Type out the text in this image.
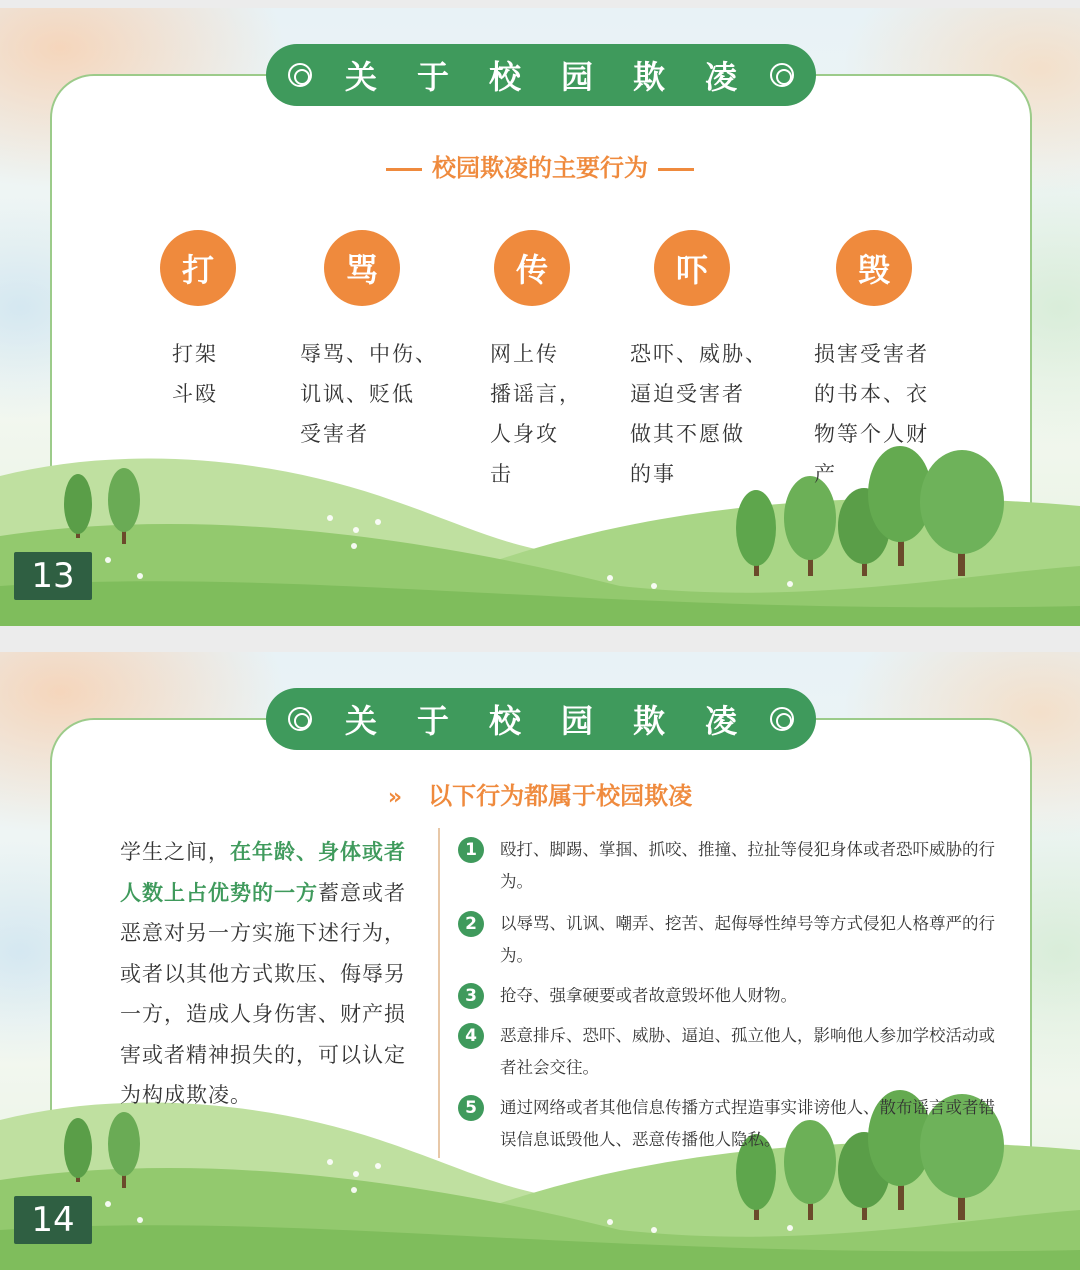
关于校园欺凌
校园欺凌的主要行为
打
打架
斗殴
骂
辱骂、中伤、
讥讽、贬低
受害者
传
网上传
播谣言，
人身攻
击
吓
恐吓、威胁、
逼迫受害者
做其不愿做
的事
毁
损害受害者
的书本、衣
物等个人财
产
13
关于校园欺凌
» 以下行为都属于校园欺凌
学生之间，在年龄、身体或者人数上占优势的一方蓄意或者恶意对另一方实施下述行为，或者以其他方式欺压、侮辱另一方，造成人身伤害、财产损害或者精神损失的，可以认定为构成欺凌。
1	殴打、脚踢、掌掴、抓咬、推撞、拉扯等侵犯身体或者恐吓威胁的行为。
2	以辱骂、讥讽、嘲弄、挖苦、起侮辱性绰号等方式侵犯人格尊严的行为。
3	抢夺、强拿硬要或者故意毁坏他人财物。
4	恶意排斥、恐吓、威胁、逼迫、孤立他人，影响他人参加学校活动或者社会交往。
5	通过网络或者其他信息传播方式捏造事实诽谤他人、散布谣言或者错误信息诋毁他人、恶意传播他人隐私。
14
